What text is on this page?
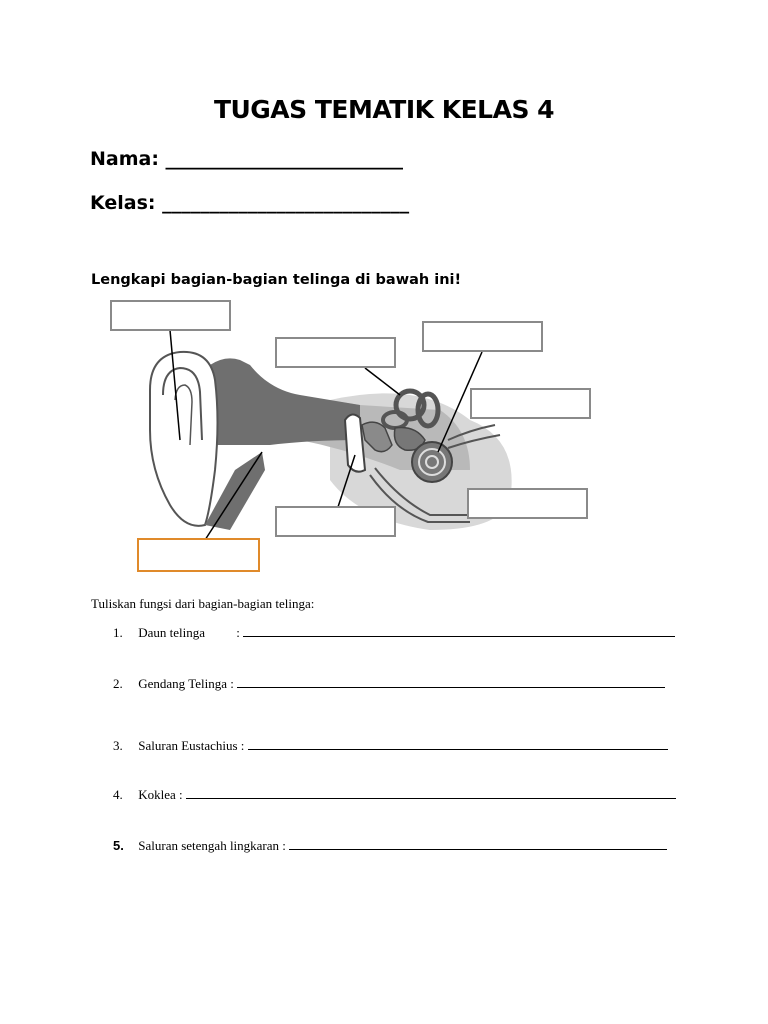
TUGAS TEMATIK KELAS 4
Nama: _________________________
Kelas: __________________________
Lengkapi bagian-bagian telinga di bawah ini!
Tuliskan fungsi dari bagian-bagian telinga:
1. Daun telinga :
2. Gendang Telinga :
3. Saluran Eustachius :
4. Koklea :
5. Saluran setengah lingkaran :
